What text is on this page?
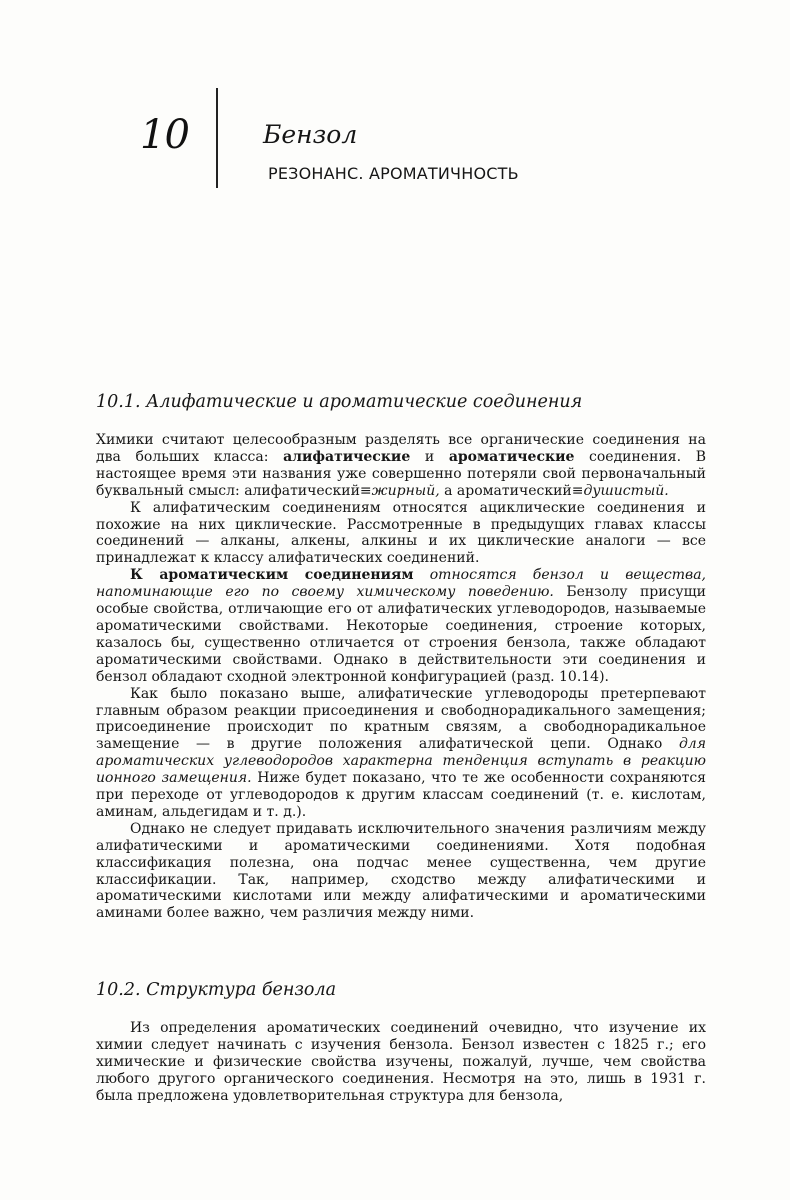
10	Бензол
РЕЗОНАНС. АРОМАТИЧНОСТЬ
10.1. Алифатические и ароматические соединения

Химики считают целесообразным разделять все органические соединения на два больших класса: алифатические и ароматические соединения. В настоящее время эти названия уже совершенно потеряли свой первоначальный буквальный смысл: алифатический≡жирный, а ароматический≡душистый.

К алифатическим соединениям относятся ациклические соединения и похожие на них циклические. Рассмотренные в предыдущих главах классы соединений — алканы, алкены, алкины и их циклические аналоги — все принадлежат к классу алифатических соединений.

К ароматическим соединениям относятся бензол и вещества, напоминающие его по своему химическому поведению. Бензолу присущи особые свойства, отличающие его от алифатических углеводородов, называемые ароматическими свойствами. Некоторые соединения, строение которых, казалось бы, существенно отличается от строения бензола, также обладают ароматическими свойствами. Однако в действительности эти соединения и бензол обладают сходной электронной конфигурацией (разд. 10.14).

Как было показано выше, алифатические углеводороды претерпевают главным образом реакции присоединения и свободнорадикального замещения; присоединение происходит по кратным связям, а свободнорадикальное замещение — в другие положения алифатической цепи. Однако для ароматических углеводородов характерна тенденция вступать в реакцию ионного замещения. Ниже будет показано, что те же особенности сохраняются при переходе от углеводородов к другим классам соединений (т. е. кислотам, аминам, альдегидам и т. д.).

Однако не следует придавать исключительного значения различиям между алифатическими и ароматическими соединениями. Хотя подобная классификация полезна, она подчас менее существенна, чем другие классификации. Так, например, сходство между алифатическими и ароматическими кислотами или между алифатическими и ароматическими аминами более важно, чем различия между ними.

10.2. Структура бензола

Из определения ароматических соединений очевидно, что изучение их химии следует начинать с изучения бензола. Бензол известен с 1825 г.; его химические и физические свойства изучены, пожалуй, лучше, чем свойства любого другого органического соединения. Несмотря на это, лишь в 1931 г. была предложена удовлетворительная структура для бензола,
